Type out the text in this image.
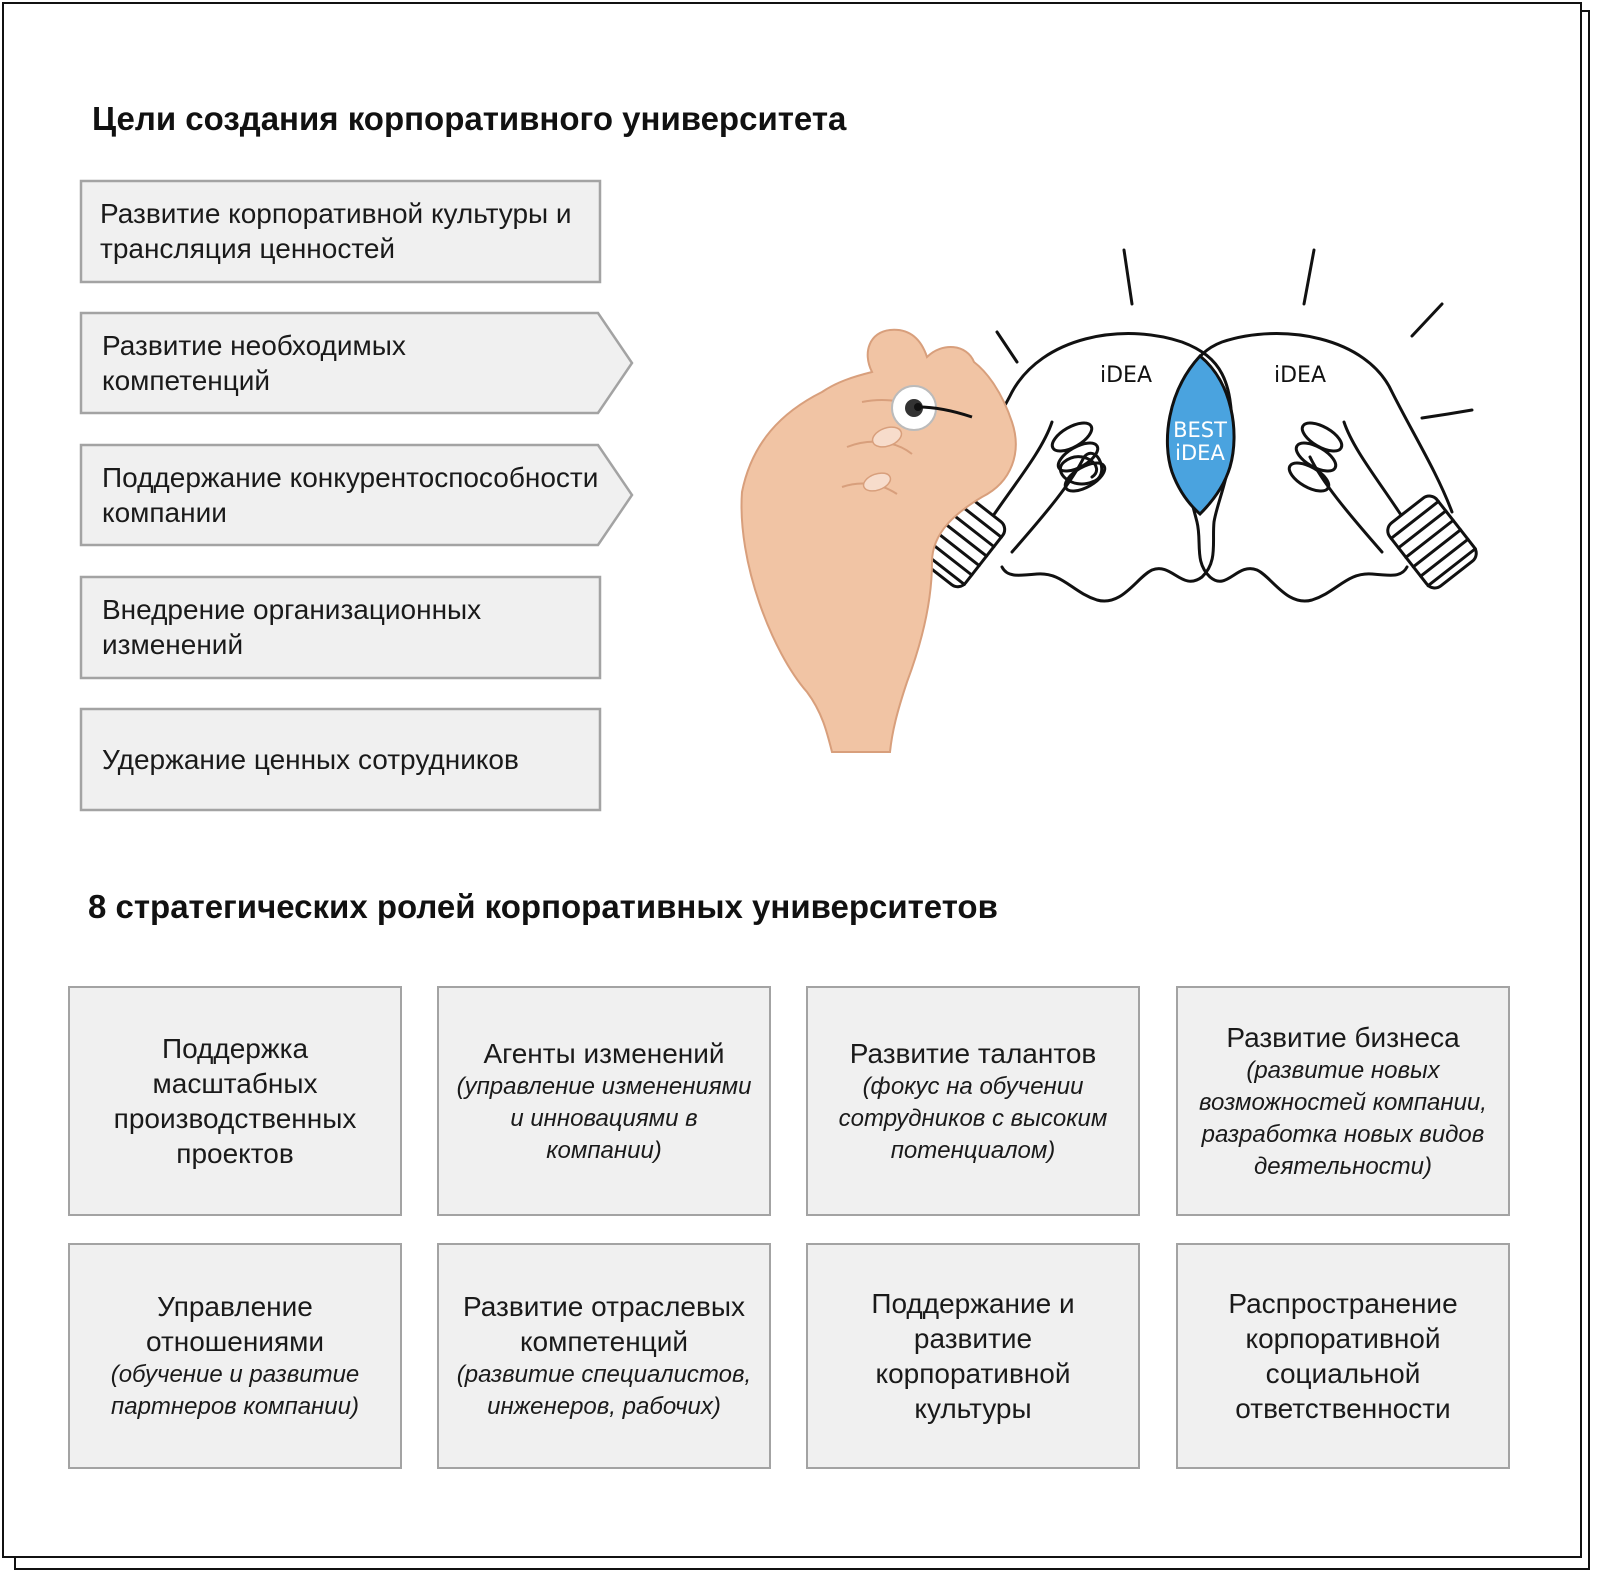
Цели создания корпоративного университета
Развитие корпоративной культуры и трансляция ценностей
Развитие необходимых компетенций
Поддержание конкурентоспособности компании
Внедрение организационных изменений
Удержание ценных сотрудников
iDEA	iDEA
BEST
iDEA
8 стратегических ролей корпоративных университетов
Поддержка масштабных производственных проектов
Агенты изменений
(управление изменениями и инновациями в компании)
Развитие талантов
(фокус на обучении сотрудников с высоким потенциалом)
Развитие бизнеса
(развитие новых возможностей компании, разработка новых видов деятельности)
Управление отношениями
(обучение и развитие партнеров компании)
Развитие отраслевых компетенций
(развитие специалистов, инженеров, рабочих)
Поддержание и развитие корпоративной культуры
Распространение корпоративной социальной ответственности
